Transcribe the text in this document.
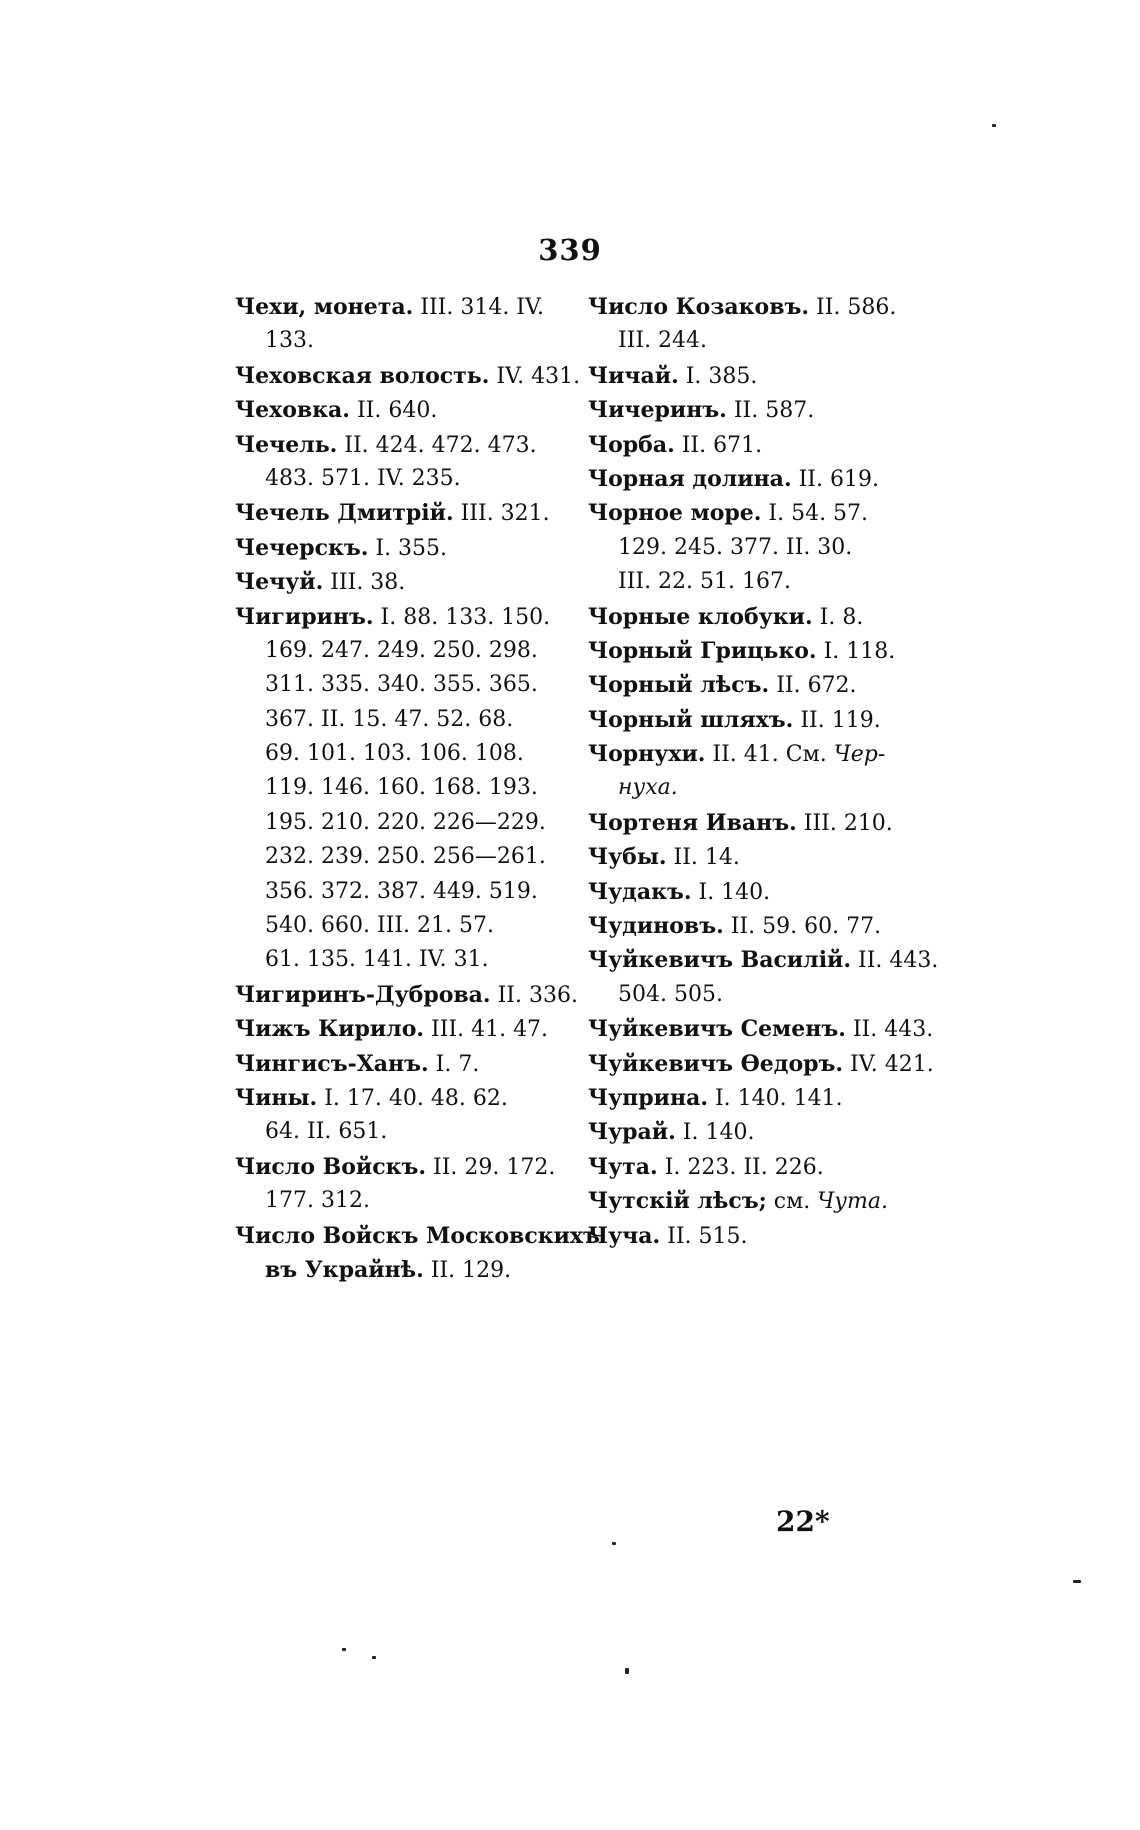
339
Чехи, монета. III. 314. IV.
133.
Чеховская волость. IV. 431.
Чеховка. II. 640.
Чечель. II. 424. 472. 473.
483. 571. IV. 235.
Чечель Дмитрій. III. 321.
Чечерскъ. I. 355.
Чечуй. III. 38.
Чигиринъ. I. 88. 133. 150.
169. 247. 249. 250. 298.
311. 335. 340. 355. 365.
367. II. 15. 47. 52. 68.
69. 101. 103. 106. 108.
119. 146. 160. 168. 193.
195. 210. 220. 226—229.
232. 239. 250. 256—261.
356. 372. 387. 449. 519.
540. 660. III. 21. 57.
61. 135. 141. IV. 31.
Чигиринъ-Дуброва. II. 336.
Чижъ Кирило. III. 41. 47.
Чингисъ-Ханъ. I. 7.
Чины. I. 17. 40. 48. 62.
64. II. 651.
Число Войскъ. II. 29. 172.
177. 312.
Число Войскъ Московскихъ
въ Украйнѣ. II. 129.
Число Козаковъ. II. 586.
III. 244.
Чичай. I. 385.
Чичеринъ. II. 587.
Чорба. II. 671.
Чорная долина. II. 619.
Чорное море. I. 54. 57.
129. 245. 377. II. 30.
III. 22. 51. 167.
Чорные клобуки. I. 8.
Чорный Грицько. I. 118.
Чорный лѣсъ. II. 672.
Чорный шляхъ. II. 119.
Чорнухи. II. 41. См. Чер-
нуха.
Чортеня Иванъ. III. 210.
Чубы. II. 14.
Чудакъ. I. 140.
Чудиновъ. II. 59. 60. 77.
Чуйкевичъ Василій. II. 443.
504. 505.
Чуйкевичъ Семенъ. II. 443.
Чуйкевичъ Ѳедоръ. IV. 421.
Чуприна. I. 140. 141.
Чурай. I. 140.
Чута. I. 223. II. 226.
Чутскій лѣсъ; см. Чута.
Чуча. II. 515.
22*
